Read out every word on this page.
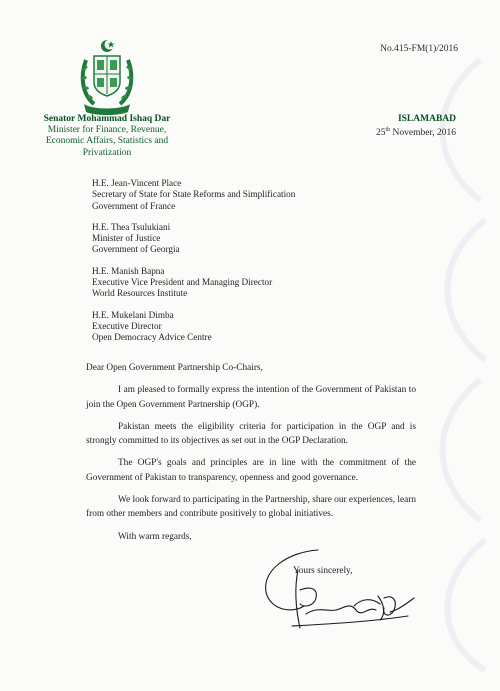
No.415-FM(1)/2016
Senator Mohammad Ishaq Dar
Minister for Finance, Revenue,
Economic Affairs, Statistics and
Privatization
ISLAMABAD
25th November, 2016
H.E. Jean-Vincent Place
Secretary of State for State Reforms and Simplification
Government of France
H.E. Thea Tsulukiani
Minister of Justice
Government of Georgia
H.E. Manish Bapna
Executive Vice President and Managing Director
World Resources Institute
H.E. Mukelani Dimba
Executive Director
Open Democracy Advice Centre
Dear Open Government Partnership Co-Chairs,

I am pleased to formally express the intention of the Government of Pakistan to join the Open Government Partnership (OGP).

Pakistan meets the eligibility criteria for participation in the OGP and is strongly committed to its objectives as set out in the OGP Declaration.

The OGP's goals and principles are in line with the commitment of the Government of Pakistan to transparency, openness and good governance.

We look forward to participating in the Partnership, share our experiences, learn from other members and contribute positively to global initiatives.

With warm regards,
Yours sincerely,
